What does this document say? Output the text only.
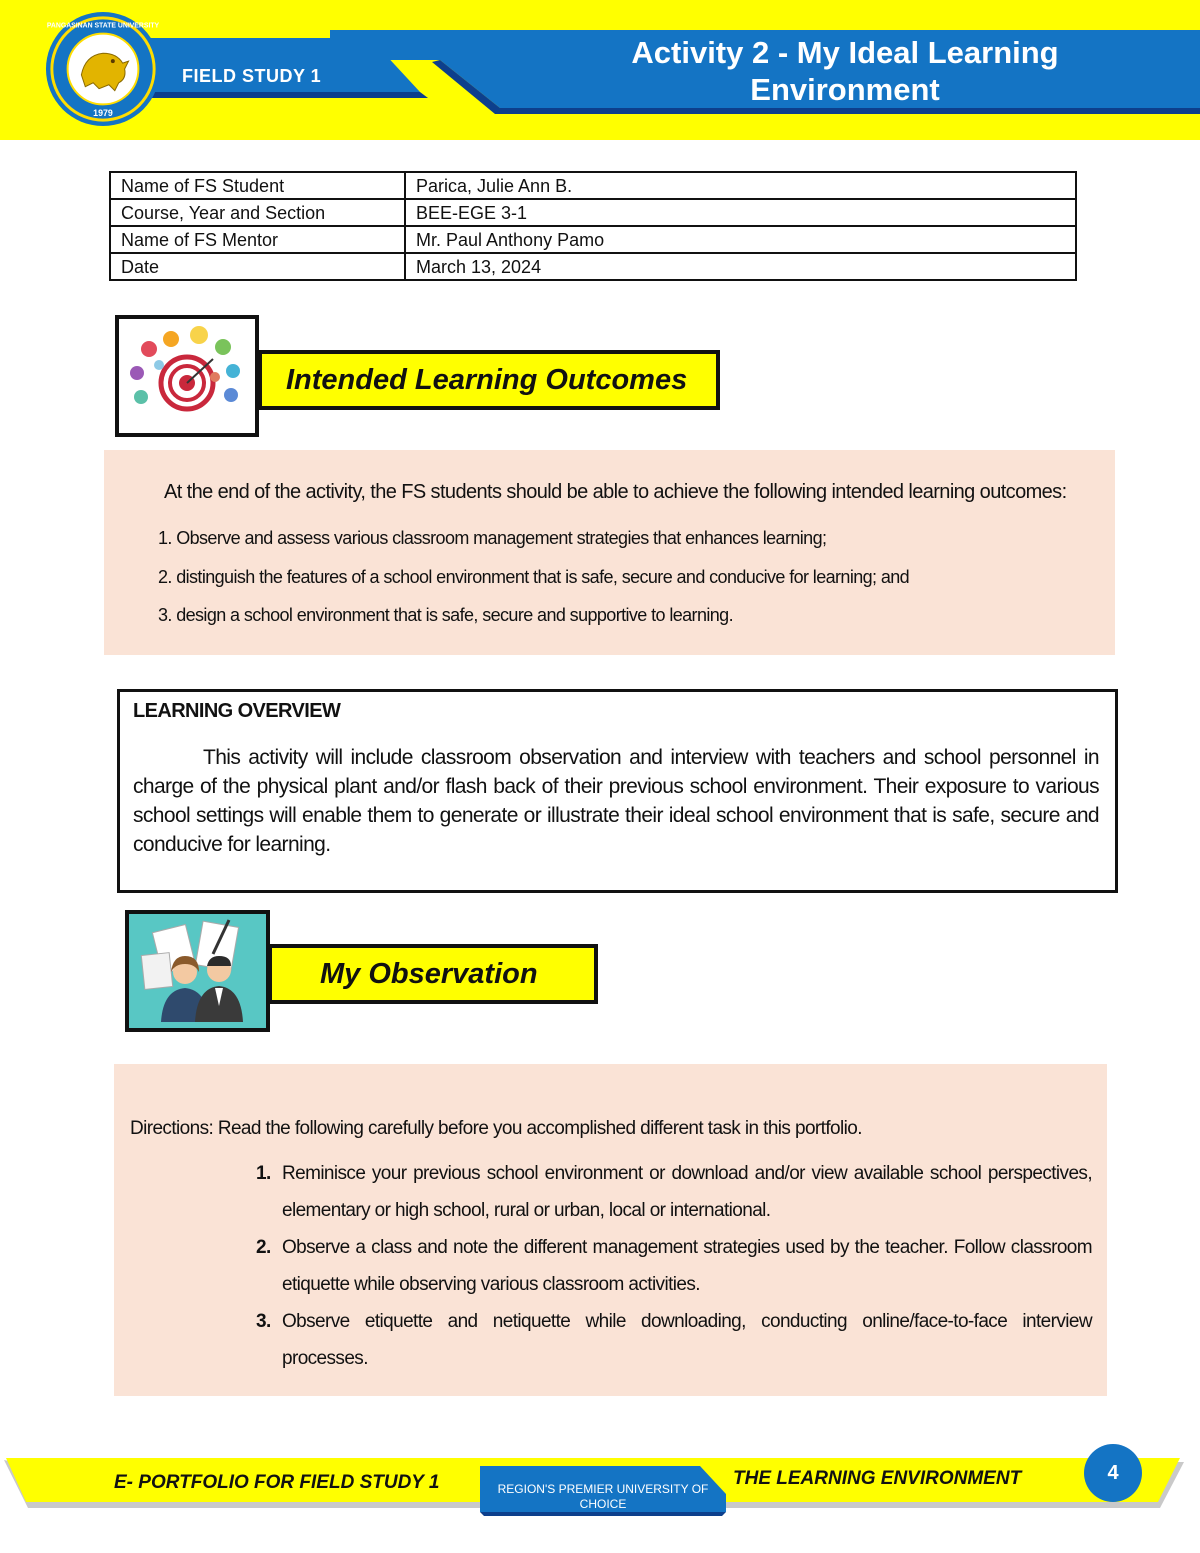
1979
PANGASINAN STATE UNIVERSITY
FIELD STUDY 1
Activity 2 - My Ideal Learning Environment
Name of FS Student	Parica, Julie Ann B.
Course, Year and Section	BEE-EGE 3-1
Name of FS Mentor	Mr. Paul Anthony Pamo
Date	March 13, 2024
Intended Learning Outcomes
At the end of the activity, the FS students should be able to achieve the following intended learning outcomes:
1. Observe and assess various classroom management strategies that enhances learning;
2. distinguish the features of a school environment that is safe, secure and conducive for learning; and
3. design a school environment that is safe, secure and supportive to learning.
LEARNING OVERVIEW
This activity will include classroom observation and interview with teachers and school personnel in charge of the physical plant and/or flash back of their previous school environment. Their exposure to various school settings will enable them to generate or illustrate their ideal school environment that is safe, secure and conducive for learning.
My Observation
Directions: Read the following carefully before you accomplished different task in this portfolio.
1. Reminisce your previous school environment or download and/or view available school perspectives, elementary or high school, rural or urban, local or international.
2. Observe a class and note the different management strategies used by the teacher. Follow classroom etiquette while observing various classroom activities.
3. Observe etiquette and netiquette while downloading, conducting online/face-to-face interview processes.
E- PORTFOLIO FOR FIELD STUDY 1	REGION'S PREMIER UNIVERSITY OF CHOICE
THE LEARNING ENVIRONMENT	4
